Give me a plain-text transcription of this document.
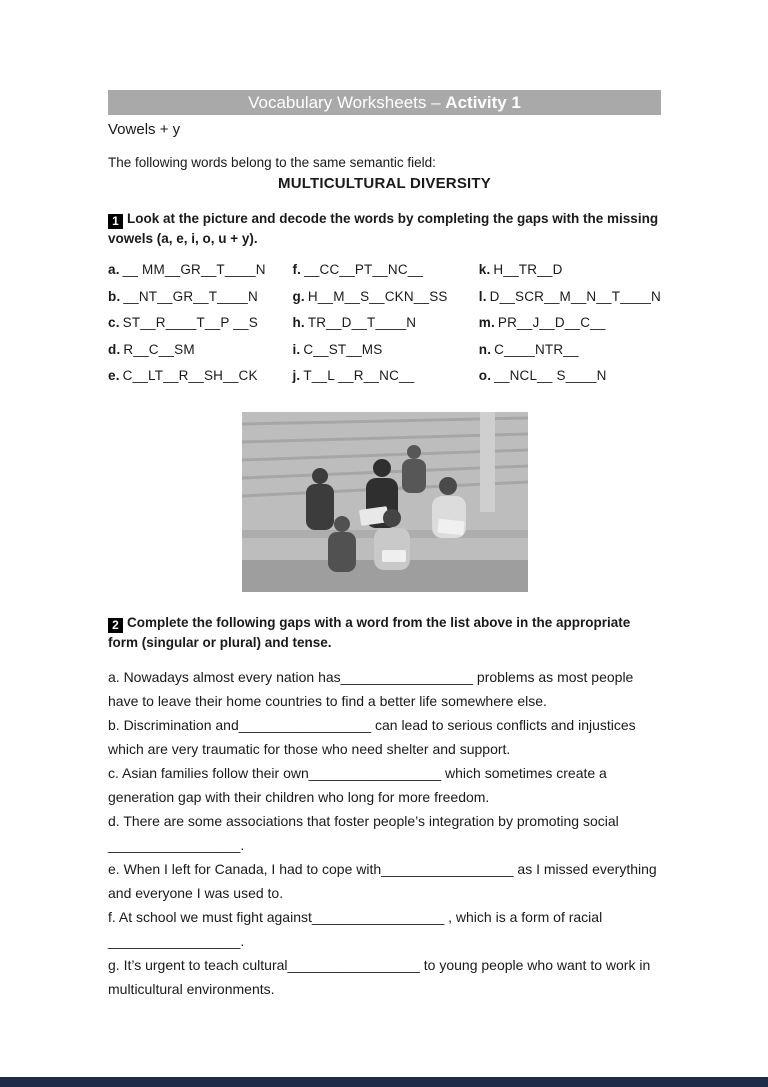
Vocabulary Worksheets – Activity 1
Vowels + y

The following words belong to the same semantic field:

MULTICULTURAL DIVERSITY

1 Look at the picture and decode the words by completing the gaps with the missing vowels (a, e, i, o, u + y).

a. __ MM__GR__T____N
b. __NT__GR__T____N
c. ST__R____T__P __S
d. R__C__SM
e. C__LT__R__SH__CK
f. __CC__PT__NC__
g. H__M__S__CKN__SS
h. TR__D__T____N
i. C__ST__MS
j. T__L __R__NC__
k. H__TR__D
l. D__SCR__M__N__T____N
m. PR__J__D__C__
n. C____NTR__
o. __NCL__ S____N

2 Complete the following gaps with a word from the list above in the appropriate form (singular or plural) and tense.

a. Nowadays almost every nation has_________________ problems as most people have to leave their home countries to find a better life somewhere else.

b. Discrimination and_________________ can lead to serious conflicts and injustices which are very traumatic for those who need shelter and support.

c. Asian families follow their own_________________ which sometimes create a generation gap with their children who long for more freedom.

d. There are some associations that foster people’s integration by promoting social _________________.

e. When I left for Canada, I had to cope with_________________ as I missed everything and everyone I was used to.

f. At school we must fight against_________________ , which is a form of racial _________________.

g. It’s urgent to teach cultural_________________ to young people who want to work in multicultural environments.
